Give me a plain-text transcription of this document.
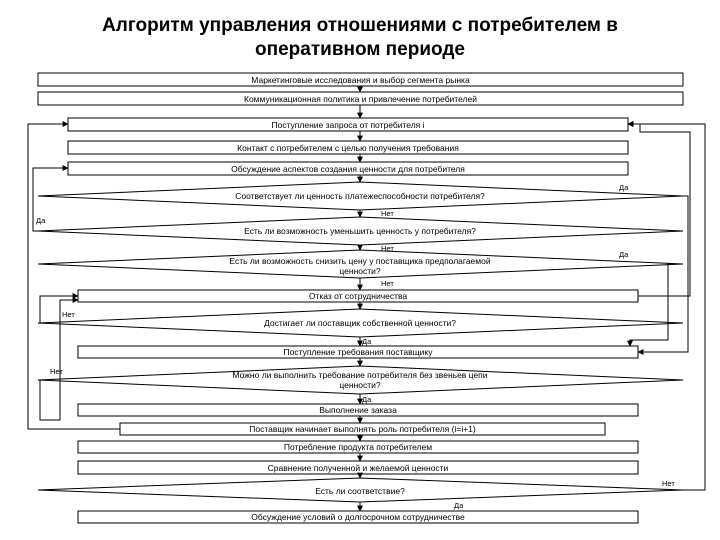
Алгоритм управления отношениями с потребителем в
оперативном периоде
Маркетинговые исследования и выбор сегмента рынка
Коммуникационная политика и привлечение потребителей
Поступление запроса от потребителя i
Контакт с потребителем с целью получения требования
Обсуждение аспектов создания ценности для потребителя
Отказ от сотрудничества
Поступление требования поставщику
Выполнение заказа
Поставщик начинает выполнять роль потребителя (i=i+1)
Потребление продукта потребителем
Сравнение полученной и желаемой ценности
Обсуждение условий о долгосрочном сотрудничестве
Соответствует ли ценность платежеспособности потребителя?
Есть ли возможность уменьшить ценность у потребителя?
Есть ли возможность снизить цену у поставщика предполагаемой ценности?
Достигает ли поставщик собственной ценности?
Можно ли выполнить требование потребителя без звеньев цепи ценности?
Есть ли соответствие?
Да
Нет
Да
Нет
Да
Нет
Нет
Да
Нет
Да
Нет
Да
